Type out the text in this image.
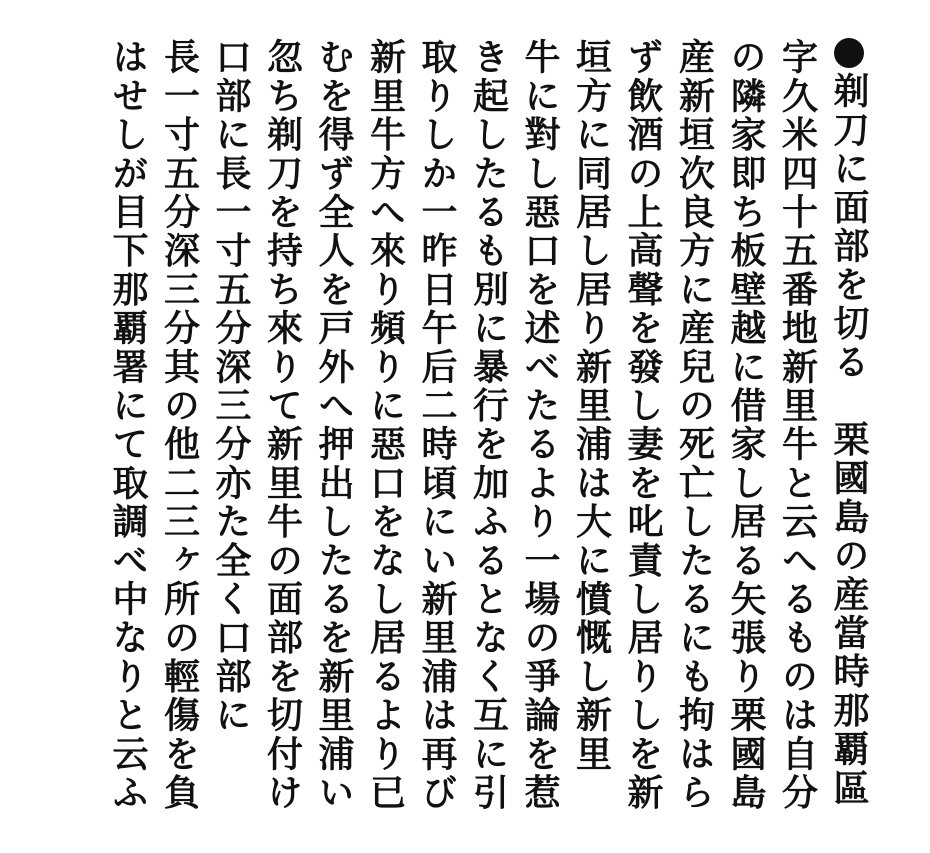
剃刀に面部を切る　栗國島の産當時那覇區
字久米四十五番地新里牛と云へるものは自分
の隣家即ち板壁越に借家し居る矢張り栗國島
産新垣次良方に産兒の死亡したるにも拘はら
ず飲酒の上高聲を發し妻を叱責し居りしを新
垣方に同居し居り新里浦は大に憤慨し新里
牛に對し惡口を述べたるより一場の爭論を惹
き起したるも別に暴行を加ふるとなく互に引
取りしか一昨日午后二時頃にい新里浦は再び
新里牛方へ來り頻りに惡口をなし居るより已
むを得ず全人を戸外へ押出したるを新里浦い
忽ち剃刀を持ち來りて新里牛の面部を切付け
口部に長一寸五分深三分亦た全く口部に
長一寸五分深三分其の他二三ヶ所の輕傷を負
はせしが目下那覇署にて取調べ中なりと云ふ
